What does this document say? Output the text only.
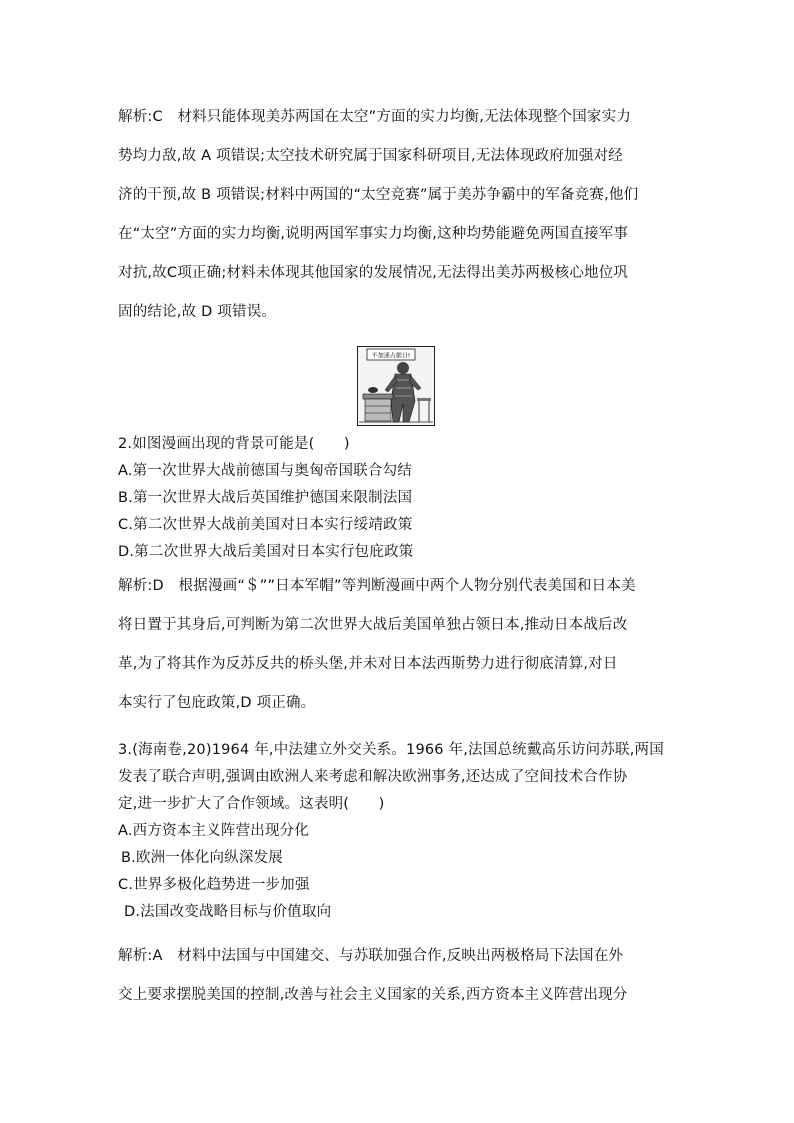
解析:C　材料只能体现美苏两国在太空”方面的实力均衡,无法体现整个国家实力

势均力敌,故 A 项错误;太空技术研究属于国家科研项目,无法体现政府加强对经

济的干预,故 B 项错误;材料中两国的“太空竞赛”属于美苏争霸中的军备竞赛,他们

在“太空”方面的实力均衡,说明两国军事实力均衡,这种均势能避免两国直接军事

对抗,故C项正确;材料未体现其他国家的发展情况,无法得出美苏两极核心地位巩

固的结论,故 D 项错误。

不加速占据日!

2.如图漫画出现的背景可能是(　　)

A.第一次世界大战前德国与奥匈帝国联合勾结

B.第一次世界大战后英国维护德国来限制法国

C.第二次世界大战前美国对日本实行绥靖政策

D.第二次世界大战后美国对日本实行包庇政策

解析:D　根据漫画“＄””日本军帽”等判断漫画中两个人物分别代表美国和日本美

将日置于其身后,可判断为第二次世界大战后美国单独占领日本,推动日本战后改

革,为了将其作为反苏反共的桥头堡,并未对日本法西斯势力进行彻底清算,对日

本实行了包庇政策,D 项正确。

3.(海南卷,20)1964 年,中法建立外交关系。1966 年,法国总统戴高乐访问苏联,两国

发表了联合声明,强调由欧洲人来考虑和解决欧洲事务,还达成了空间技术合作协

定,进一步扩大了合作领域。这表明(　　)

A.西方资本主义阵营出现分化

B.欧洲一体化向纵深发展

C.世界多极化趋势进一步加强

D.法国改变战略目标与价值取向

解析:A　材料中法国与中国建交、与苏联加强合作,反映出两极格局下法国在外

交上要求摆脱美国的控制,改善与社会主义国家的关系,西方资本主义阵营出现分
